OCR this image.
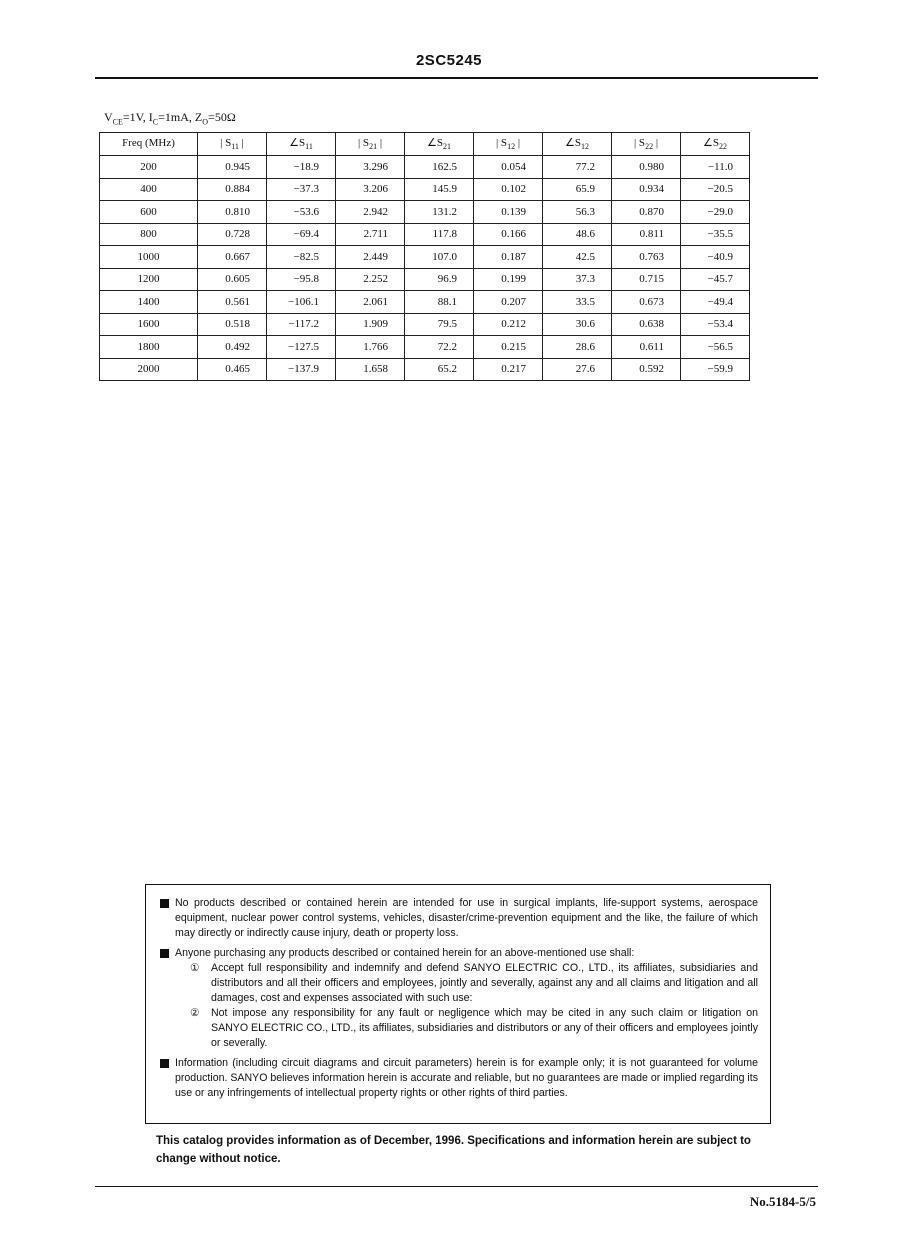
2SC5245
$V_{CE}=1V$, $I_C=1mA$, $Z_O=50\Omega$
Freq (MHz)	| $S_{11}$ |	$\angle S_{11}$	| $S_{21}$ |	$\angle S_{21}$	| $S_{12}$ |	$\angle S_{12}$	| $S_{22}$ |	$\angle S_{22}$
200	0.945	−18.9	3.296	162.5	0.054	77.2	0.980	−11.0
400	0.884	−37.3	3.206	145.9	0.102	65.9	0.934	−20.5
600	0.810	−53.6	2.942	131.2	0.139	56.3	0.870	−29.0
800	0.728	−69.4	2.711	117.8	0.166	48.6	0.811	−35.5
1000	0.667	−82.5	2.449	107.0	0.187	42.5	0.763	−40.9
1200	0.605	−95.8	2.252	96.9	0.199	37.3	0.715	−45.7
1400	0.561	−106.1	2.061	88.1	0.207	33.5	0.673	−49.4
1600	0.518	−117.2	1.909	79.5	0.212	30.6	0.638	−53.4
1800	0.492	−127.5	1.766	72.2	0.215	28.6	0.611	−56.5
2000	0.465	−137.9	1.658	65.2	0.217	27.6	0.592	−59.9
No products described or contained herein are intended for use in surgical implants, life-support systems, aerospace equipment, nuclear power control systems, vehicles, disaster/crime-prevention equipment and the like, the failure of which may directly or indirectly cause injury, death or property loss.
Anyone purchasing any products described or contained herein for an above-mentioned use shall:
① Accept full responsibility and indemnify and defend SANYO ELECTRIC CO., LTD., its affiliates, subsidiaries and distributors and all their officers and employees, jointly and severally, against any and all claims and litigation and all damages, cost and expenses associated with such use:
② Not impose any responsibility for any fault or negligence which may be cited in any such claim or litigation on SANYO ELECTRIC CO., LTD., its affiliates, subsidiaries and distributors or any of their officers and employees jointly or severally.
Information (including circuit diagrams and circuit parameters) herein is for example only; it is not guaranteed for volume production. SANYO believes information herein is accurate and reliable, but no guarantees are made or implied regarding its use or any infringements of intellectual property rights or other rights of third parties.
This catalog provides information as of December, 1996. Specifications and information herein are subject to change without notice.
No.5184-5/5
